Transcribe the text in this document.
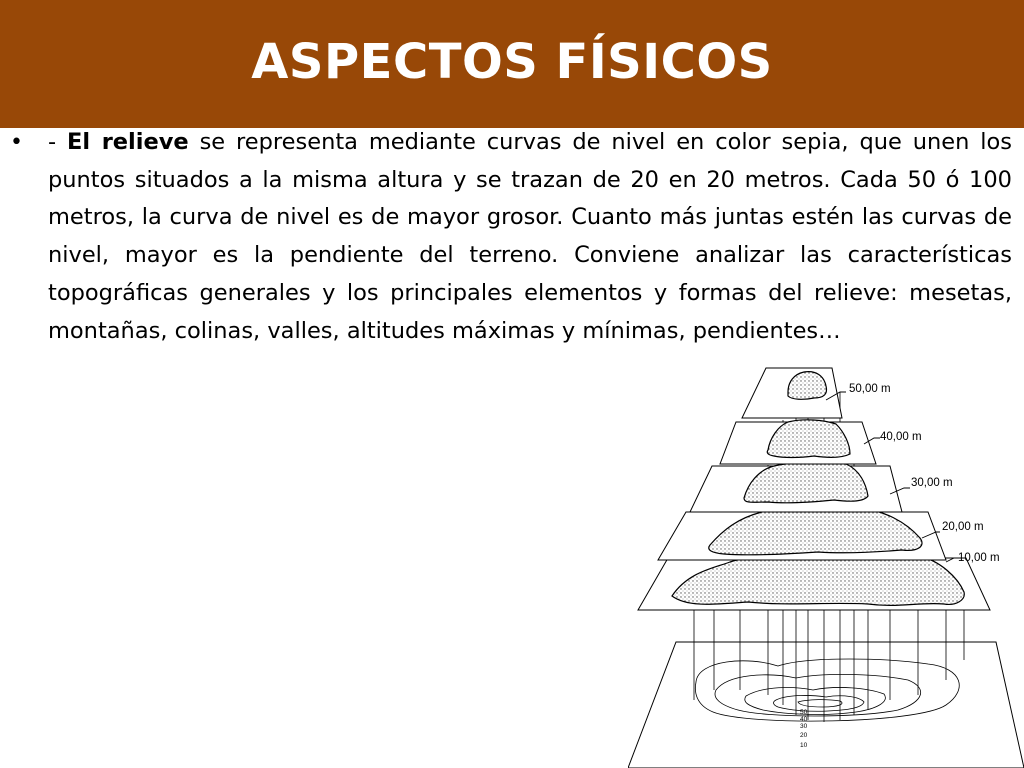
ASPECTOS FÍSICOS
• - El relieve se representa mediante curvas de nivel en color sepia, que unen los puntos situados a la misma altura y se trazan de 20 en 20 metros. Cada 50 ó 100 metros, la curva de nivel es de mayor grosor. Cuanto más juntas estén las curvas de nivel, mayor es la pendiente del terreno. Conviene analizar las características topográficas generales y los principales elementos y formas del relieve: mesetas, montañas, colinas, valles, altitudes máximas y mínimas, pendientes…

50
40
30
20
10
50,00 m
40,00 m
30,00 m
20,00 m
10,00 m
